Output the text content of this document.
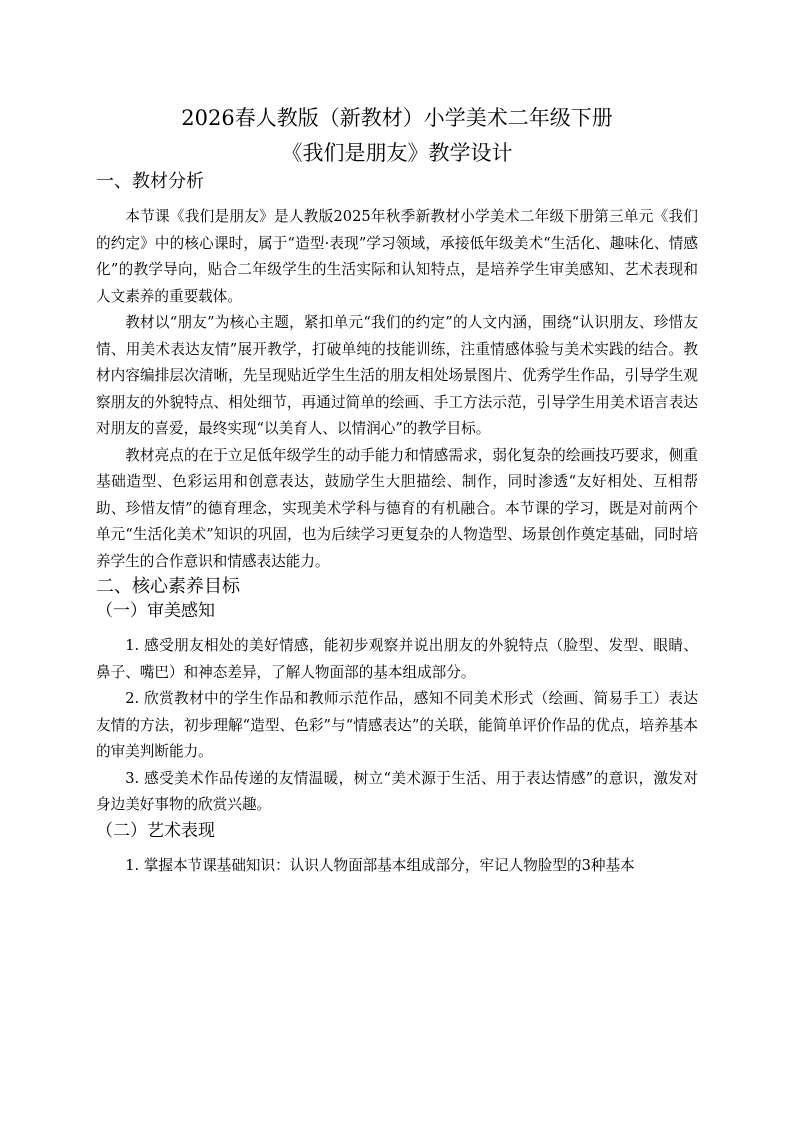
2026春人教版（新教材）小学美术二年级下册
《我们是朋友》教学设计
一、教材分析

本节课《我们是朋友》是人教版2025年秋季新教材小学美术二年级下册第三单元《我们的约定》中的核心课时，属于“造型·表现”学习领域，承接低年级美术“生活化、趣味化、情感化”的教学导向，贴合二年级学生的生活实际和认知特点，是培养学生审美感知、艺术表现和人文素养的重要载体。

教材以“朋友”为核心主题，紧扣单元“我们的约定”的人文内涵，围绕“认识朋友、珍惜友情、用美术表达友情”展开教学，打破单纯的技能训练，注重情感体验与美术实践的结合。教材内容编排层次清晰，先呈现贴近学生生活的朋友相处场景图片、优秀学生作品，引导学生观察朋友的外貌特点、相处细节，再通过简单的绘画、手工方法示范，引导学生用美术语言表达对朋友的喜爱，最终实现“以美育人、以情润心”的教学目标。

教材亮点的在于立足低年级学生的动手能力和情感需求，弱化复杂的绘画技巧要求，侧重基础造型、色彩运用和创意表达，鼓励学生大胆描绘、制作，同时渗透“友好相处、互相帮助、珍惜友情”的德育理念，实现美术学科与德育的有机融合。本节课的学习，既是对前两个单元“生活化美术”知识的巩固，也为后续学习更复杂的人物造型、场景创作奠定基础，同时培养学生的合作意识和情感表达能力。

二、核心素养目标
（一）审美感知

1. 感受朋友相处的美好情感，能初步观察并说出朋友的外貌特点（脸型、发型、眼睛、鼻子、嘴巴）和神态差异，了解人物面部的基本组成部分。

2. 欣赏教材中的学生作品和教师示范作品，感知不同美术形式（绘画、简易手工）表达友情的方法，初步理解“造型、色彩”与“情感表达”的关联，能简单评价作品的优点，培养基本的审美判断能力。

3. 感受美术作品传递的友情温暖，树立“美术源于生活、用于表达情感”的意识，激发对身边美好事物的欣赏兴趣。

（二）艺术表现

1. 掌握本节课基础知识：认识人物面部基本组成部分，牢记人物脸型的3种基本
